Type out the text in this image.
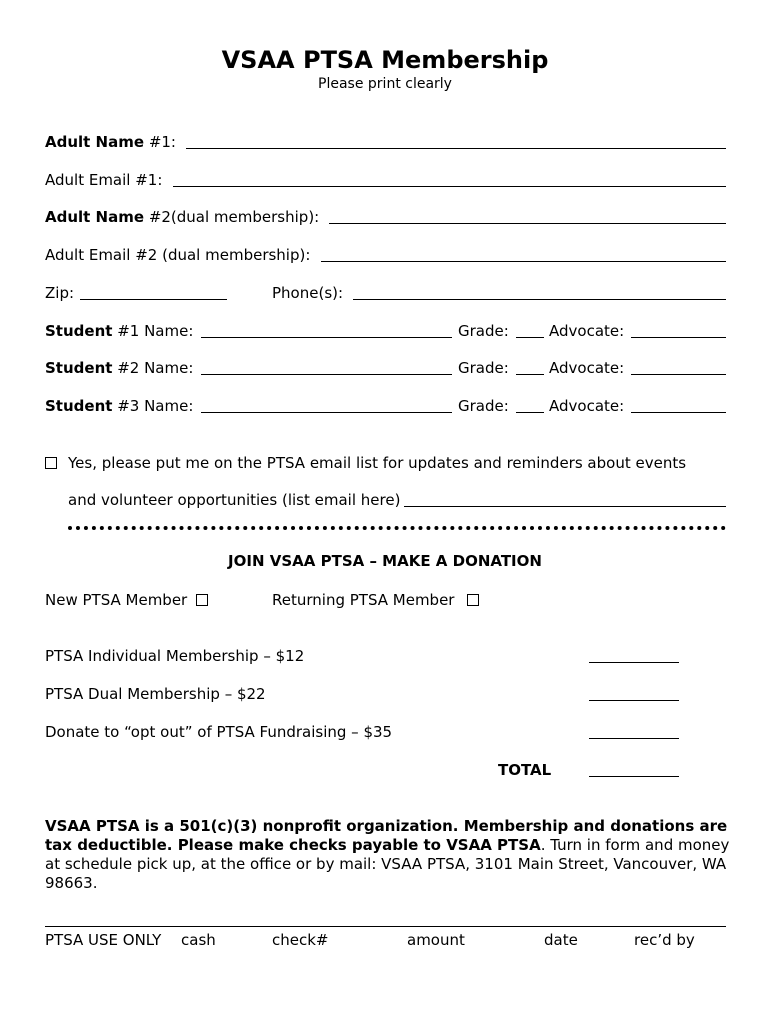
VSAA PTSA Membership
Please print clearly
Adult Name #1:
Adult Email #1:
Adult Name #2(dual membership):
Adult Email #2 (dual membership):
Zip:	Phone(s):
Student #1 Name:	Grade:	Advocate:
Student #2 Name:	Grade:	Advocate:
Student #3 Name:	Grade:	Advocate:
Yes, please put me on the PTSA email list for updates and reminders about events
and volunteer opportunities (list email here)
JOIN VSAA PTSA – MAKE A DONATION
New PTSA Member	Returning PTSA Member
PTSA Individual Membership – $12
PTSA Dual Membership – $22
Donate to “opt out” of PTSA Fundraising – $35
TOTAL
VSAA PTSA is a 501(c)(3) nonprofit organization. Membership and donations are tax deductible. Please make checks payable to VSAA PTSA. Turn in form and money at schedule pick up, at the office or by mail: VSAA PTSA, 3101 Main Street, Vancouver, WA 98663.
PTSA USE ONLY cash	check#	amount	date	rec’d by
